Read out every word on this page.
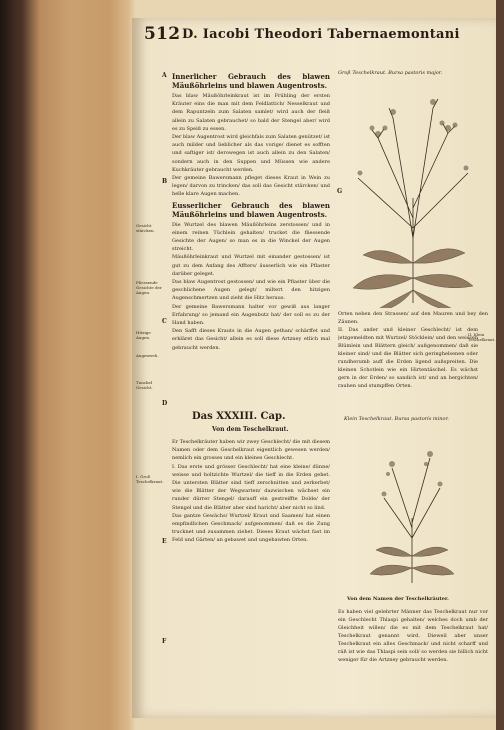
512 D. Iacobi Theodori Tabernaemontani
A
B
C
D
E
F
G
Gesicht stärcken.
Fliessende Gesichte der Augen.
Hitzige Augen.
Augenweh.
Tunckel Gesicht.
I. Groß Teschelkraut.

Innerlicher Gebrauch des blawen Mäußöhrleins und blawen Augentrosts.

Das blaw Mäußöhrleinkraut ist im Frühling der ersten Kräuter eins die man mit dem Feldlattich/ Nesselkraut und dem Rapuntzeln zum Salaten samlet/ wird auch der fleiß allein zu Salaten gebrauchet/ so bald der Stengel aber/ wird es zu Speiß zu essen.

Der blaw Augentrost wird gleichfals zum Salaten genützet/ ist auch milder und lieblicher als das vorige/ dienet es sofften und saftiger ist/ derowegen ist auch allein zu den Salaten/ sondern auch in den Suppen und Müssen wie andere Kuchkräuter gebraucht werden.

Der gemeine Bawersmann pfleget dieses Kraut in Wein zu legen/ darvon zu trincken/ das soll das Gesicht stärcken/ und helle klare Augen machen.

Eusserlicher Gebrauch des blawen Mäußöhrleins und blawen Augentrosts.

Die Wurtzel des blawen Mäußöhrleins zerstossen/ und in einem reinen Tüchlein gehalten/ trucket die fliessende Gesichte der Augen/ so man es in die Winckel der Augen streicht.

Mäußöhrleinkraut und Wurtzel mit einander gestossen/ ist gut zu dem Anfang des Affters/ äusserlich wie ein Pflaster darüber geleget.

Das blaw Augentrost gestossen/ und wie ein Pflaster über die geschlichene Augen gelegt/ miltert den hitzigen Augenschmertzen und zieht die Hitz heraus.

Der gemeine Bawersmann halter vor gewiß aus langer Erfahrung/ so jemand ein Augenbutz hat/ der soll es zu der Hand haben.

Den Safft dieses Krauts in die Augen gethan/ schärffet und erkläret das Gesicht/ allein es soll diese Artzney etlich mal gebraucht werden.

Das XXXIII. Cap.
Von dem Teschelkraut.

Er Teschelkräuter haben wir zwey Geschlecht/ die mit diesem Namen oder dem Geschelkraut eigentlich gewesen werden/ nemlich ein grosses und ein kleines Geschlecht.

I. Das erste und grösser Geschlecht/ hat eine kleine/ dünne/ weisse und holtzichte Wurtzel/ die tieff in die Erden gehet. Die untersten Blätter sind tieff zerschnitten und zerkerbet/ wie die Blätter der Wegwarten/ dazwischen wächset ein runder dürrer Stengel/ darauff ein gestreiffte Dolde/ der Stengel und die Blätter aber sind haricht/ aber nicht so lind.

Das gantze Gewächs/ Wurtzel/ Kraut und Saamen/ hat einen empfindlichen Geschmack/ aufgenommen/ daß es die Zung trucknet und zusammen ziehet. Dieses Kraut wächst fast im Feld und Gärten/ an gebawet und ungebawten Orten.

Groß Teschelkraut. Bursa pastoris major.
Orten neben den Strassen/ auf den Mauren und bey den Zäunen.
II. Das ander und kleiner Geschlecht/ ist dem jetzgemeldten mit Wurtzel/ Stöcklein/ und den weissen Blümlein und Blättern gleich/ außgenommen/ daß sie kleiner sind/ und die Blätter sich geringhelsenen oder rundherumb auff die Erden ligend außspreiten. Die kleinen Schotlein wie ein Hirtentäschel. Es wächst gern in der Erden/ so sandich ist/ und an bergichten/ rauhen und stumpffen Orten.
II. Klein Teschelkraut.
Klein Teschelkraut. Bursa pastoris minor.
Von dem Namen der Teschelkräuter.
Es haben viel gelehrter Männer das Teschelkraut nur vor ein Geschlecht Thlaspi gehalten/ welches doch umb der Gleichheit willen/ die es mit dem Teschelkraut hat/ Teschelkraut genannt wird. Dieweil aber unser Teschelkraut ein alles Geschmack/ und nicht scharff und räß ist wie das Thlaspi sein soll/ so werden sie billich nicht weniger für die Artzney gebraucht werden.
